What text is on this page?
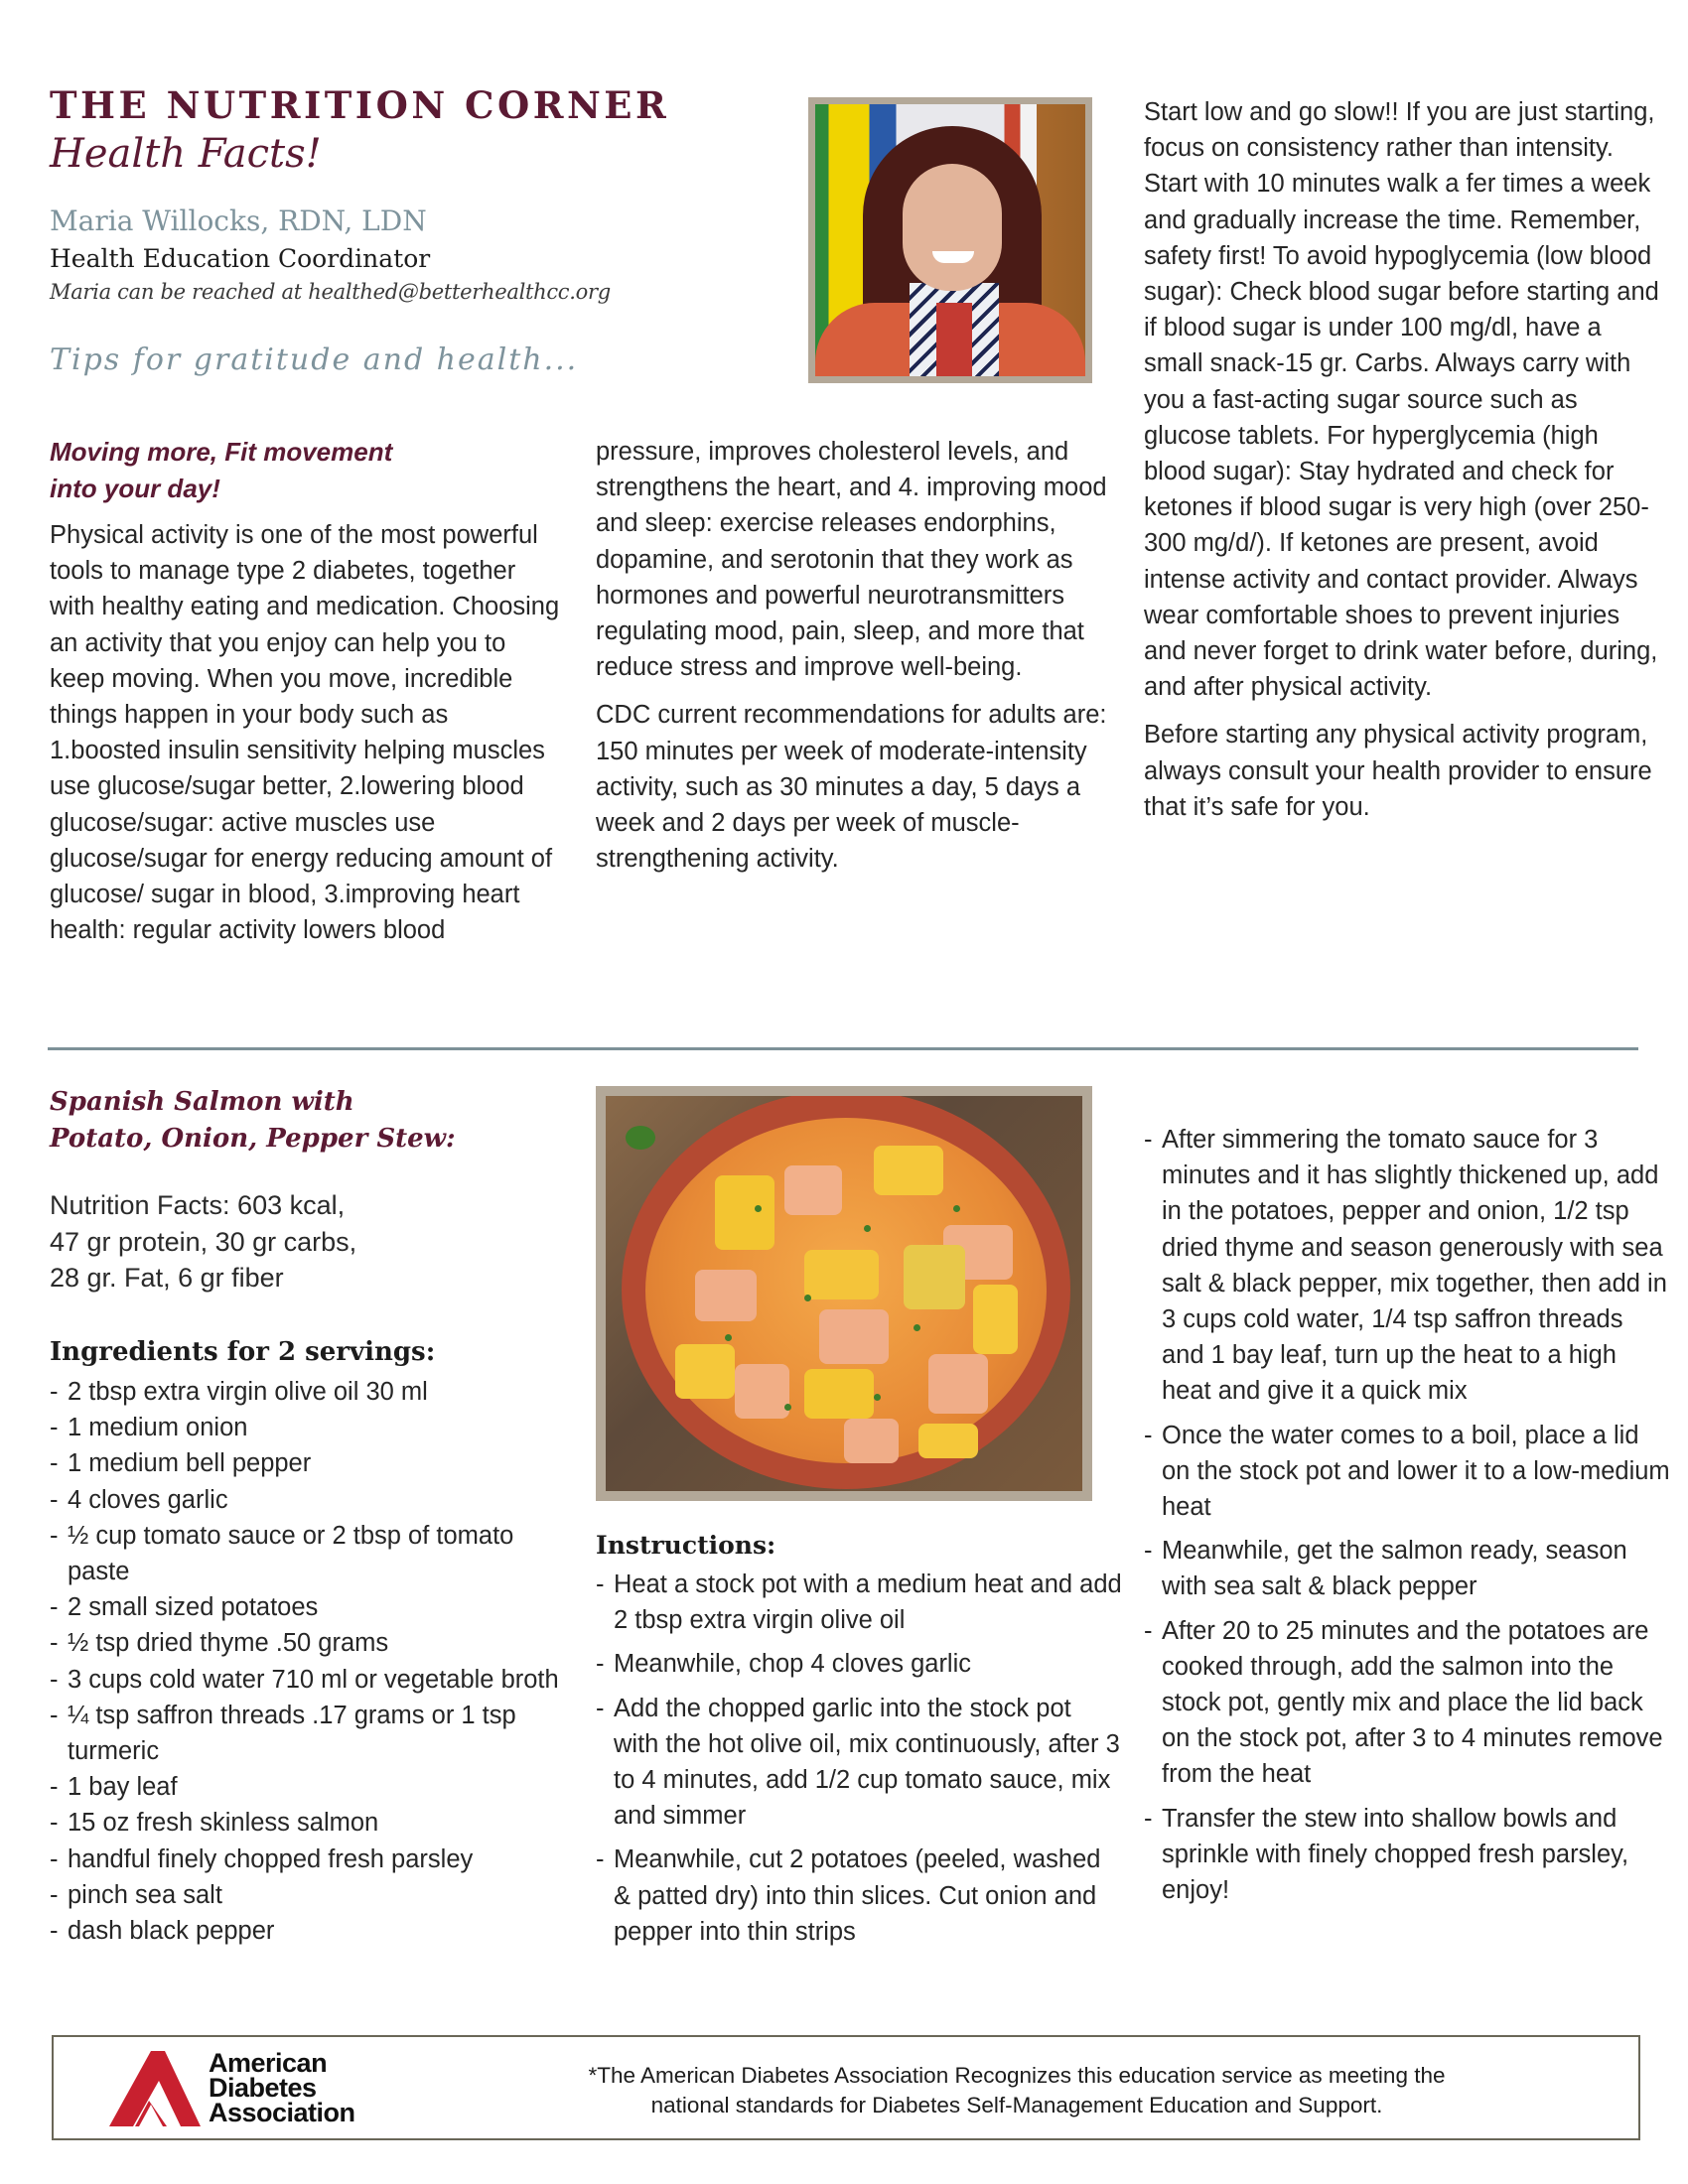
THE NUTRITION CORNER
Health Facts!
Maria Willocks, RDN, LDN
Health Education Coordinator
Maria can be reached at healthed@betterhealthcc.org
Tips for gratitude and health...
Moving more, Fit movement
into your day!

Physical activity is one of the most powerful tools to manage type 2 diabetes, together with healthy eating and medication. Choosing an activity that you enjoy can help you to keep moving. When you move, incredible things happen in your body such as 1.boosted insulin sensitivity helping muscles use glucose/sugar better, 2.lowering blood glucose/sugar: active muscles use glucose/sugar for energy reducing amount of glucose/ sugar in blood, 3.improving heart health: regular activity lowers blood

pressure, improves cholesterol levels, and strengthens the heart, and 4. improving mood and sleep: exercise releases endorphins, dopamine, and serotonin that they work as hormones and powerful neurotransmitters regulating mood, pain, sleep, and more that reduce stress and improve well-being.

CDC current recommendations for adults are: 150 minutes per week of moderate-intensity activity, such as 30 minutes a day, 5 days a week and 2 days per week of muscle-strengthening activity.

Start low and go slow!! If you are just starting, focus on consistency rather than intensity. Start with 10 minutes walk a fer times a week and gradually increase the time. Remember, safety first! To avoid hypoglycemia (low blood sugar): Check blood sugar before starting and if blood sugar is under 100 mg/dl, have a small snack-15 gr. Carbs. Always carry with you a fast-acting sugar source such as glucose tablets. For hyperglycemia (high blood sugar): Stay hydrated and check for ketones if blood sugar is very high (over 250-300 mg/d/). If ketones are present, avoid intense activity and contact provider. Always wear comfortable shoes to prevent injuries and never forget to drink water before, during, and after physical activity.

Before starting any physical activity program, always consult your health provider to ensure that it’s safe for you.

Spanish Salmon with
Potato, Onion, Pepper Stew:
Nutrition Facts: 603 kcal,
47 gr protein, 30 gr carbs,
28 gr. Fat, 6 gr fiber
Ingredients for 2 servings:
- 2 tbsp extra virgin olive oil 30 ml
- 1 medium onion
- 1 medium bell pepper
- 4 cloves garlic
- ½ cup tomato sauce or 2 tbsp of tomato paste
- 2 small sized potatoes
- ½ tsp dried thyme .50 grams
- 3 cups cold water 710 ml or vegetable broth
- ¼ tsp saffron threads .17 grams or 1 tsp turmeric
- 1 bay leaf
- 15 oz fresh skinless salmon
- handful finely chopped fresh parsley
- pinch sea salt
- dash black pepper
Instructions:
- Heat a stock pot with a medium heat and add 2 tbsp extra virgin olive oil
- Meanwhile, chop 4 cloves garlic
- Add the chopped garlic into the stock pot with the hot olive oil, mix continuously, after 3 to 4 minutes, add 1/2 cup tomato sauce, mix and simmer
- Meanwhile, cut 2 potatoes (peeled, washed & patted dry) into thin slices. Cut onion and pepper into thin strips
- After simmering the tomato sauce for 3 minutes and it has slightly thickened up, add in the potatoes, pepper and onion, 1/2 tsp dried thyme and season generously with sea salt & black pepper, mix together, then add in 3 cups cold water, 1/4 tsp saffron threads and 1 bay leaf, turn up the heat to a high heat and give it a quick mix
- Once the water comes to a boil, place a lid on the stock pot and lower it to a low-medium heat
- Meanwhile, get the salmon ready, season with sea salt & black pepper
- After 20 to 25 minutes and the potatoes are cooked through, add the salmon into the stock pot, gently mix and place the lid back on the stock pot, after 3 to 4 minutes remove from the heat
- Transfer the stew into shallow bowls and sprinkle with finely chopped fresh parsley, enjoy!
American
Diabetes
Association
*The American Diabetes Association Recognizes this education service as meeting the
national standards for Diabetes Self-Management Education and Support.
